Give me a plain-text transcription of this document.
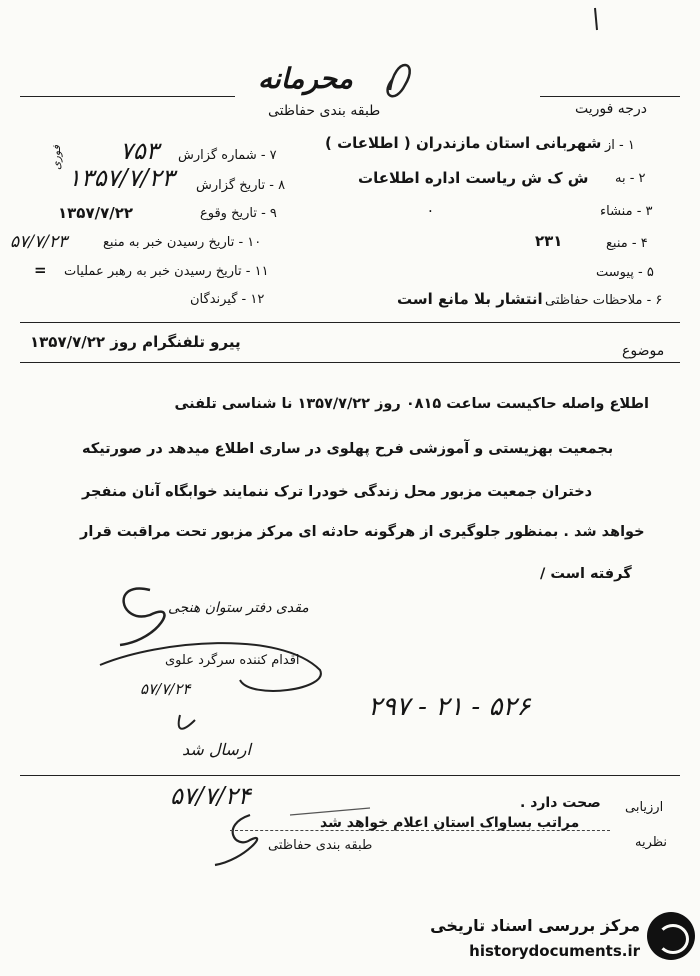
محرمانه
طبقه بندی حفاظتی	درجه فوریت
۱ - از
شهربانی استان مازندران ( اطلاعات )
۲ - به
ش ک ش ریاست اداره اطلاعات
۳ - منشاء
.
۴ - منبع
۲۳۱
۵ - پیوست
۶ - ملاحظات حفاظتی
انتشار بلا مانع است
۷ - شماره گزارش
۷۵۳
۸ - تاریخ گزارش
۱۳۵۷/۷/۲۳
۹ - تاریخ وقوع
۱۳۵۷/۷/۲۲
۱۰ - تاریخ رسیدن خبر به منبع
۵۷/۷/۲۳
۱۱ - تاریخ رسیدن خبر به رهبر عملیات
=
۱۲ - گیرندگان
فوری
موضوع
پیرو تلفنگرام روز ۱۳۵۷/۷/۲۲
اطلاع واصله حاکیست ساعت ۰۸۱۵ روز ۱۳۵۷/۷/۲۲ نا شناسی تلفنی
بجمعیت بهزیستی و آموزشی فرح پهلوی در ساری اطلاع میدهد در صورتیکه
دختران جمعیت مزبور محل زندگی خودرا ترک ننمایند خوابگاه آنان منفجر
خواهد شد . بمنظور جلوگیری از هرگونه حادثه ای مرکز مزبور تحت مراقبت قرار
گرفته است /
مقدی دفتر ستوان هنجی
اقدام کننده سرگرد علوی
۵۷/۷/۲۴
۵۲۶ - ۲۱ - ۲۹۷
ارسال شد
۵۷/۷/۲۴	ارزیابی
صحت دارد .
نظریه
مراتب بساواک استان اعلام خواهد شد
طبقه بندی حفاظتی
مرکز بررسی اسناد تاریخی
historydocuments.ir
